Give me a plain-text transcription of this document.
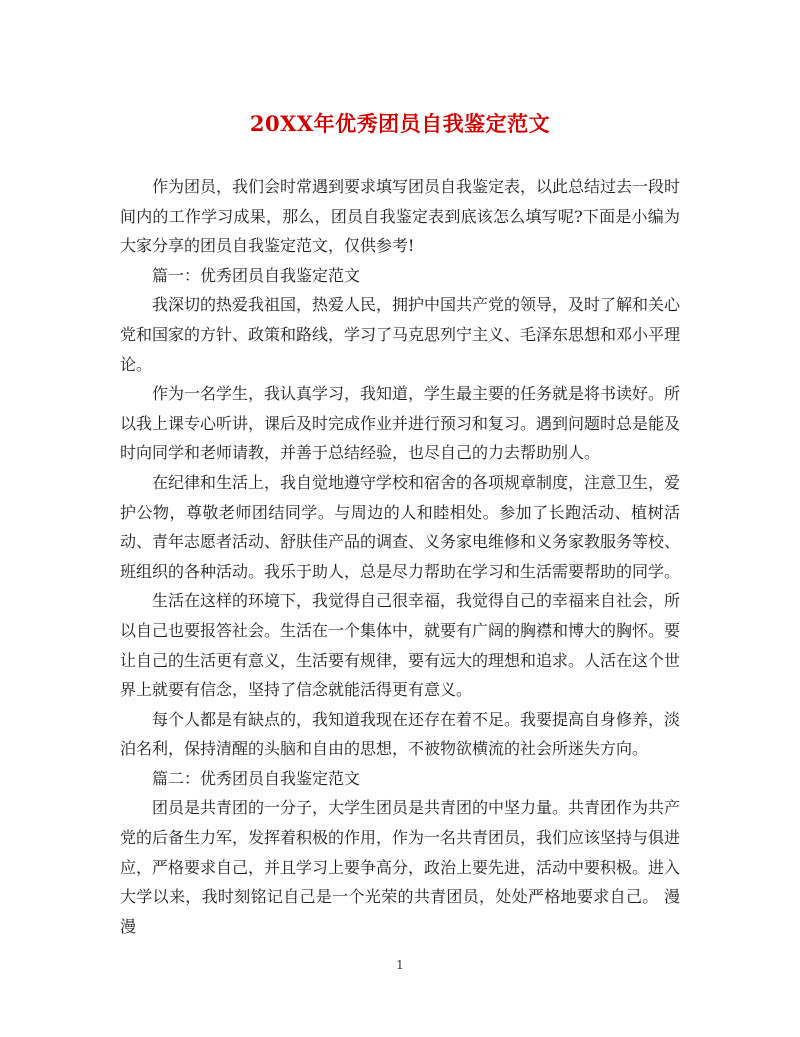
20XX年优秀团员自我鉴定范文

作为团员，我们会时常遇到要求填写团员自我鉴定表，以此总结过去一段时间内的工作学习成果，那么，团员自我鉴定表到底该怎么填写呢?下面是小编为大家分享的团员自我鉴定范文，仅供参考!

篇一：优秀团员自我鉴定范文

我深切的热爱我祖国，热爱人民，拥护中国共产党的领导，及时了解和关心党和国家的方针、政策和路线，学习了马克思列宁主义、毛泽东思想和邓小平理论。

作为一名学生，我认真学习，我知道，学生最主要的任务就是将书读好。所以我上课专心听讲，课后及时完成作业并进行预习和复习。遇到问题时总是能及时向同学和老师请教，并善于总结经验，也尽自己的力去帮助别人。

在纪律和生活上，我自觉地遵守学校和宿舍的各项规章制度，注意卫生，爱护公物，尊敬老师团结同学。与周边的人和睦相处。参加了长跑活动、植树活动、青年志愿者活动、舒肤佳产品的调查、义务家电维修和义务家教服务等校、班组织的各种活动。我乐于助人，总是尽力帮助在学习和生活需要帮助的同学。

生活在这样的环境下，我觉得自己很幸福，我觉得自己的幸福来自社会，所以自己也要报答社会。生活在一个集体中，就要有广阔的胸襟和博大的胸怀。要让自己的生活更有意义，生活要有规律，要有远大的理想和追求。人活在这个世界上就要有信念，坚持了信念就能活得更有意义。

每个人都是有缺点的，我知道我现在还存在着不足。我要提高自身修养，淡泊名利，保持清醒的头脑和自由的思想，不被物欲横流的社会所迷失方向。

篇二：优秀团员自我鉴定范文

团员是共青团的一分子，大学生团员是共青团的中坚力量。共青团作为共产党的后备生力军，发挥着积极的作用，作为一名共青团员，我们应该坚持与俱进应，严格要求自己，并且学习上要争高分，政治上要先进，活动中要积极。进入大学以来，我时刻铭记自己是一个光荣的共青团员，处处严格地要求自己。 漫漫

1
